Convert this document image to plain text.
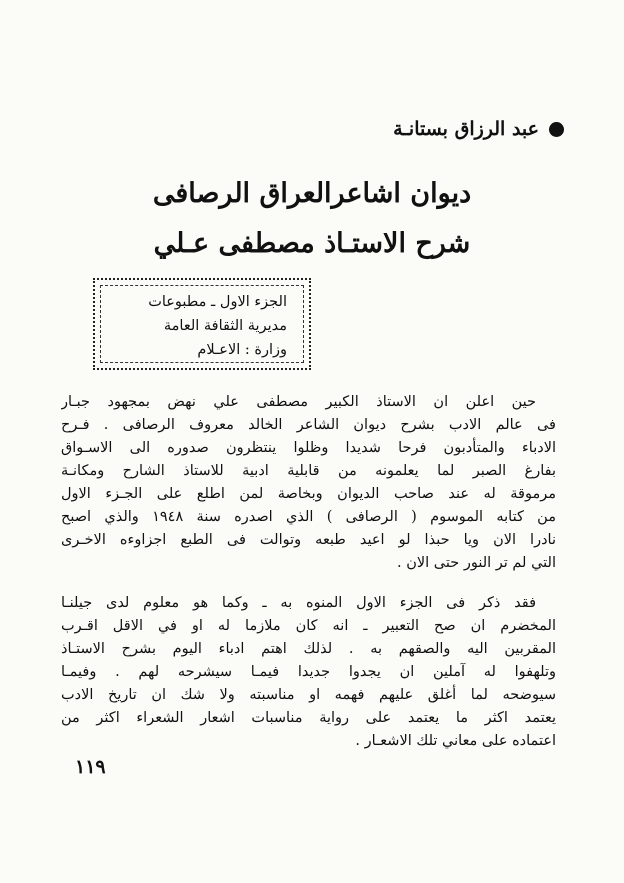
عبد الرزاق بستانـة
ديوان اشاعرالعراق الرصافى
شرح الاستـاذ مصطفى عـلي
الجزء الاول ـ مطبوعات
مديرية الثقافة العامة
وزارة : الاعـلام
حين اعلن ان الاستاذ الكبير مصطفى علي نهض بمجهود جبـار
فى عالم الادب بشرح ديوان الشاعر الخالد معروف الرصافى . فـرح
الادباء والمتأدبون فرحا شديدا وظلوا ينتظرون صدوره الى الاسـواق
بفارغ الصبر لما يعلمونه من قابلية ادبية للاستاذ الشارح ومكانـة
مرموقة له عند صاحب الديوان وبخاصة لمن اطلع على الجـزء الاول
من كتابه الموسوم ( الرصافى ) الذي اصدره سنة ١٩٤٨ والذي اصبح
نادرا الان ويا حبذا لو اعيد طبعه وتوالت فى الطبع اجزاوءه الاخـرى
التي لم تر النور حتى الان .
فقد ذكر فى الجزء الاول المنوه به ـ وكما هو معلوم لدى جيلنـا
المخضرم ان صح التعبير ـ انه كان ملازما له او في الاقل اقـرب
المقربين اليه والصقهم به . لذلك اهتم ادباء اليوم بشرح الاستـاذ
وتلهفوا له آملين ان يجدوا جديدا فيمـا سيشرحه لهم . وفيمـا
سيوضحه لما أغلق عليهم فهمه او مناسبته ولا شك ان تاريخ الادب
يعتمد اكثر ما يعتمد على رواية مناسبات اشعار الشعراء اكثر من
اعتماده على معاني تلك الاشعـار .
١١٩
